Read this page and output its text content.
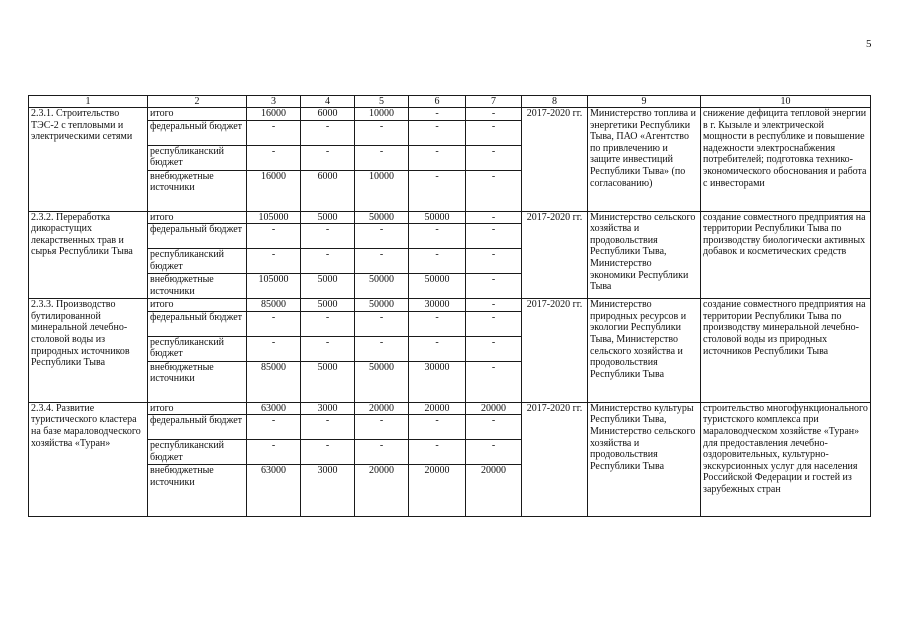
5
1	2	3	4	5	6	7	8	9	10
2.3.1. Строительство ТЭС-2 с тепловыми и электрическими сетями	итого	16000	6000	10000	-	-	2017-2020 гг.	Министерство топлива и энергетики Республики Тыва, ПАО «Агентство по привлечению и защите инвестиций Республики Тыва» (по согласованию)	снижение дефицита тепловой энергии в г. Кызыле и электрической мощности в республике и повышение надежности электроснабжения потребителей; подготовка технико-экономического обоснования и работа с инвесторами
	федеральный бюджет	-	-	-	-	-			
	республиканский бюджет	-	-	-	-	-			
	внебюджетные источники	16000	6000	10000	-	-			
2.3.2. Переработка дикорастущих лекарственных трав и сырья Республики Тыва	итого	105000	5000	50000	50000	-	2017-2020 гг.	Министерство сельского хозяйства и продовольствия Республики Тыва, Министерство экономики Республики Тыва	создание совместного предприятия на территории Республики Тыва по производству биологически активных добавок и косметических средств
	федеральный бюджет	-	-	-	-	-			
	республиканский бюджет	-	-	-	-	-			
	внебюджетные источники	105000	5000	50000	50000	-			
2.3.3. Производство бутилированной минеральной лечебно-столовой воды из природных источников Республики Тыва	итого	85000	5000	50000	30000	-	2017-2020 гг.	Министерство природных ресурсов и экологии Республики Тыва, Министерство сельского хозяйства и продовольствия Республики Тыва	создание совместного предприятия на территории Республики Тыва по производству минеральной лечебно-столовой воды из природных источников Республики Тыва
	федеральный бюджет	-	-	-	-	-			
	республиканский бюджет	-	-	-	-	-			
	внебюджетные источники	85000	5000	50000	30000	-			
2.3.4. Развитие туристического кластера на базе мараловодческого хозяйства «Туран»	итого	63000	3000	20000	20000	20000	2017-2020 гг.	Министерство культуры Республики Тыва, Министерство сельского хозяйства и продовольствия Республики Тыва	строительство многофункционального туристского комплекса при мараловодческом хозяйстве «Туран» для предоставления лечебно-оздоровительных, культурно-экскурсионных услуг для населения Российской Федерации и гостей из зарубежных стран
	федеральный бюджет	-	-	-	-	-			
	республиканский бюджет	-	-	-	-	-			
	внебюджетные источники	63000	3000	20000	20000	20000			
